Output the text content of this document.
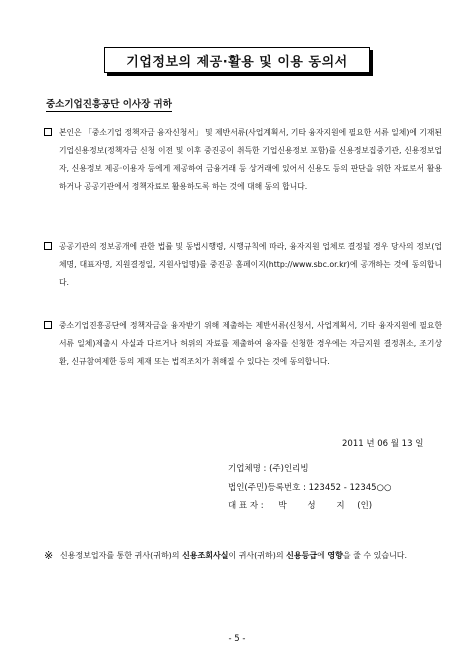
기업정보의 제공·활용 및 이용 동의서
중소기업진흥공단 이사장 귀하
본인은 「중소기업 정책자금 융자신청서」 및 제반서류(사업계획서, 기타 융자지원에 필요한 서류 일체)에 기재된 기업신용정보(정책자금 신청 이전 및 이후 중진공이 취득한 기업신용정보 포함)를 신용정보집중기관, 신용정보업자, 신용정보 제공·이용자 등에게 제공하여 금융거래 등 상거래에 있어서 신용도 등의 판단을 위한 자료로서 활용하거나 공공기관에서 정책자료로 활용하도록 하는 것에 대해 동의 합니다.
공공기관의 정보공개에 관한 법률 및 동법시행령, 시행규칙에 따라, 융자지원 업체로 결정될 경우 당사의 정보(업체명, 대표자명, 지원결정일, 지원사업명)를 중진공 홈페이지(http://www.sbc.or.kr)에 공개하는 것에 동의합니다.
중소기업진흥공단에 정책자금을 융자받기 위해 제출하는 제반서류(신청서, 사업계획서, 기타 융자지원에 필요한 서류 일체)제출시 사실과 다르거나 허위의 자료를 제출하여 융자를 신청한 경우에는 자금지원 결정취소, 조기상환, 신규참여제한 등의 제재 또는 법적조치가 취해질 수 있다는 것에 동의합니다.
2011 년 06 월 13 일
기업체명 : (주)인리빙
법인(주민)등록번호 : 123452 - 12345○○
대 표 자 : 박    성    지 (인)
※ 신용정보업자를 통한 귀사(귀하)의 신용조회사실이 귀사(귀하)의 신용등급에 영향을 줄 수 있습니다.
- 5 -
